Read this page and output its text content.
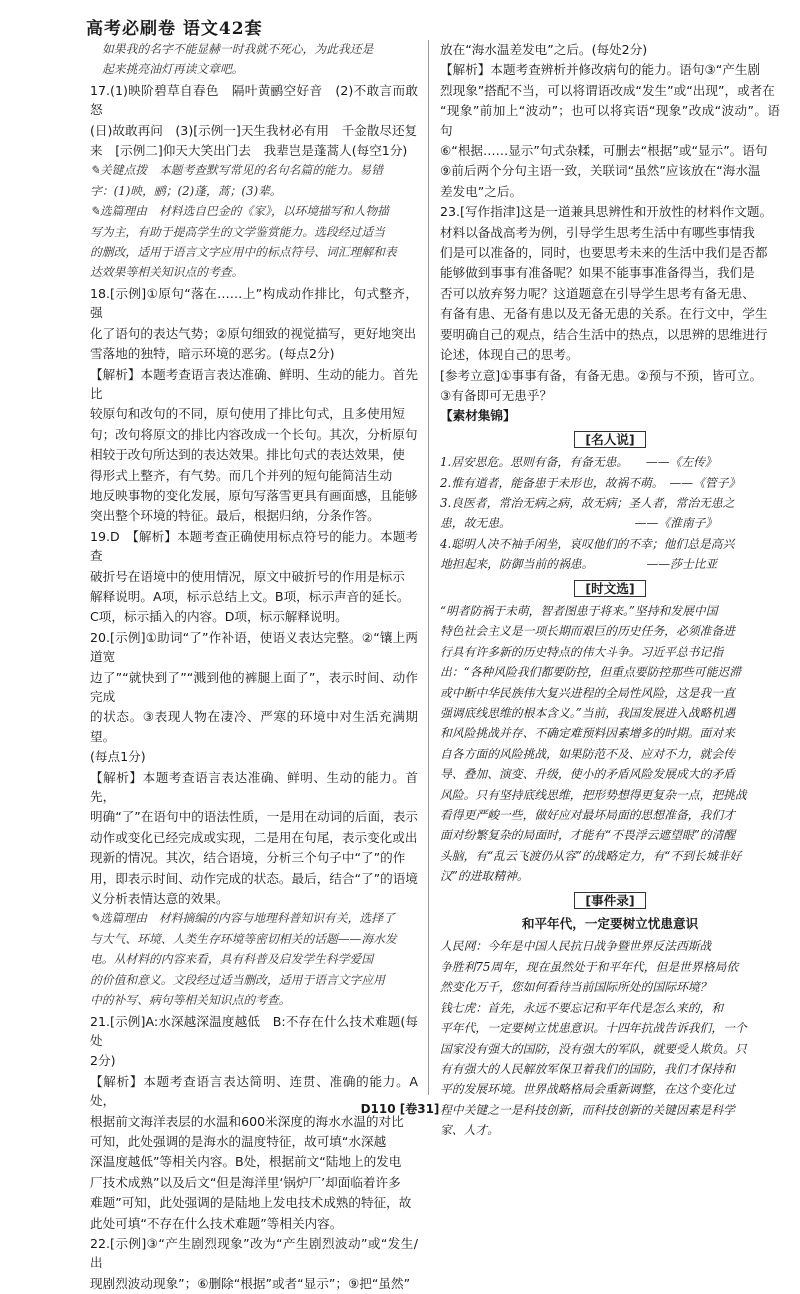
高考必刷卷 语文42套
如果我的名字不能显赫一时我就不死心，为此我还是
起来挑亮油灯再读文章吧。
17.(1)映阶碧草自春色　隔叶黄鹂空好音　(2)不敢言而敢怒
(日)故敢再问　(3)[示例一]天生我材必有用　千金散尽还复
来　[示例二]仰天大笑出门去　我辈岂是蓬蒿人(每空1分)
✎关键点拨　本题考查默写常见的名句名篇的能力。易错
字：(1)映，鹂；(2)蓬，蒿；(3)辈。
✎选篇理由　材料选自巴金的《家》，以环境描写和人物描
写为主，有助于提高学生的文学鉴赏能力。选段经过适当
的删改，适用于语言文字应用中的标点符号、词汇理解和表
达效果等相关知识点的考查。
18.[示例]①原句“落在……上”构成动作排比，句式整齐，强
化了语句的表达气势；②原句细致的视觉描写，更好地突出
雪落地的独特，暗示环境的恶劣。(每点2分)
【解析】本题考查语言表达准确、鲜明、生动的能力。首先比
较原句和改句的不同，原句使用了排比句式，且多使用短
句；改句将原文的排比内容改成一个长句。其次，分析原句
相较于改句所达到的表达效果。排比句式的表达效果，使
得形式上整齐，有气势。而几个并列的短句能简洁生动
地反映事物的变化发展，原句写落雪更具有画面感，且能够
突出整个环境的特征。最后，根据归纳，分条作答。
19.D　【解析】本题考查正确使用标点符号的能力。本题考查
破折号在语境中的使用情况，原文中破折号的作用是标示
解释说明。A项，标示总结上文。B项，标示声音的延长。
C项，标示插入的内容。D项，标示解释说明。
20.[示例]①助词“了”作补语，使语义表达完整。②“镶上两道宽
边了”“就快到了”“溅到他的裤腿上面了”，表示时间、动作完成
的状态。③表现人物在凄冷、严寒的环境中对生活充满期望。
(每点1分)
【解析】本题考查语言表达准确、鲜明、生动的能力。首先，
明确“了”在语句中的语法性质，一是用在动词的后面，表示
动作或变化已经完成或实现，二是用在句尾，表示变化或出
现新的情况。其次，结合语境，分析三个句子中“了”的作
用，即表示时间、动作完成的状态。最后，结合“了”的语境
义分析表情达意的效果。
✎选篇理由　材料摘编的内容与地理科普知识有关，选择了
与大气、环境、人类生存环境等密切相关的话题——海水发
电。从材料的内容来看，具有科普及启发学生科学爱国
的价值和意义。文段经过适当删改，适用于语言文字应用
中的补写、病句等相关知识点的考查。
21.[示例]A:水深越深温度越低　B:不存在什么技术难题(每处
2分)
【解析】本题考查语言表达简明、连贯、准确的能力。A处，
根据前文海洋表层的水温和600米深度的海水水温的对比
可知，此处强调的是海水的温度特征，故可填“水深越
深温度越低”等相关内容。B处，根据前文“陆地上的发电
厂技术成熟”以及后文“但是海洋里‘锅炉厂’却面临着许多
难题”可知，此处强调的是陆地上发电技术成熟的特征，故
此处可填“不存在什么技术难题”等相关内容。
22.[示例]③“产生剧烈现象”改为“产生剧烈波动”或“发生/出
现剧烈波动现象”；⑥删除“根据”或者“显示”；⑨把“虽然”
放在“海水温差发电”之后。(每处2分)
【解析】本题考查辨析并修改病句的能力。语句③“产生剧
烈现象”搭配不当，可以将谓语改成“发生”或“出现”，或者在
“现象”前加上“波动”；也可以将宾语“现象”改成“波动”。语句
⑥“根据……显示”句式杂糅，可删去“根据”或“显示”。语句
⑨前后两个分句主语一致，关联词“虽然”应该放在“海水温
差发电”之后。
23.[写作指津]这是一道兼具思辨性和开放性的材料作文题。
材料以备战高考为例，引导学生思考生活中有哪些事情我
们是可以准备的，同时，也要思考未来的生活中我们是否都
能够做到事事有准备呢？如果不能事事准备得当，我们是
否可以放弃努力呢？这道题意在引导学生思考有备无患、
有备有患、无备有患以及无备无患的关系。在行文中，学生
要明确自己的观点，结合生活中的热点，以思辨的思维进行
论述，体现自己的思考。
[参考立意]①事事有备，有备无患。②预与不预，皆可立。
③有备即可无患乎？
【素材集锦】
[名人说]
1.居安思危。思则有备，有备无患。　　——《左传》
2.惟有道者，能备患于未形也，故祸不萌。　——《管子》
3.良医者，常治无病之病，故无病；圣人者，常治无患之
患，故无患。　　　　　　　　　　　——《淮南子》
4.聪明人决不袖手闲坐，哀叹他们的不幸；他们总是高兴
地担起来，防御当前的祸患。　　　　　——莎士比亚
[时文选]
“明者防祸于未萌，智者图患于将来。”坚持和发展中国
特色社会主义是一项长期而艰巨的历史任务，必须准备进
行具有许多新的历史特点的伟大斗争。习近平总书记指
出：“各种风险我们都要防控，但重点要防控那些可能迟滞
或中断中华民族伟大复兴进程的全局性风险，这是我一直
强调底线思维的根本含义。”当前，我国发展进入战略机遇
和风险挑战并存、不确定难预料因素增多的时期。面对来
自各方面的风险挑战，如果防范不及、应对不力，就会传
导、叠加、演变、升级，使小的矛盾风险发展成大的矛盾
风险。只有坚持底线思维，把形势想得更复杂一点，把挑战
看得更严峻一些，做好应对最坏局面的思想准备，我们才
面对纷繁复杂的局面时，才能有“不畏浮云遮望眼”的清醒
头脑，有“乱云飞渡仍从容”的战略定力，有“不到长城非好
汉”的进取精神。
[事件录]
和平年代，一定要树立忧患意识
人民网：今年是中国人民抗日战争暨世界反法西斯战
争胜利75周年，现在虽然处于和平年代，但是世界格局依
然变化万千，您如何看待当前国际所处的国际环境？
钱七虎：首先，永远不要忘记和平年代是怎么来的，和
平年代，一定要树立忧患意识。十四年抗战告诉我们，一个
国家没有强大的国防，没有强大的军队，就要受人欺负。只
有有强大的人民解放军保卫着我们的国防，我们才保持和
平的发展环境。世界战略格局会重新调整，在这个变化过
程中关键之一是科技创新，而科技创新的关键因素是科学
家、人才。
D110 [卷31]
